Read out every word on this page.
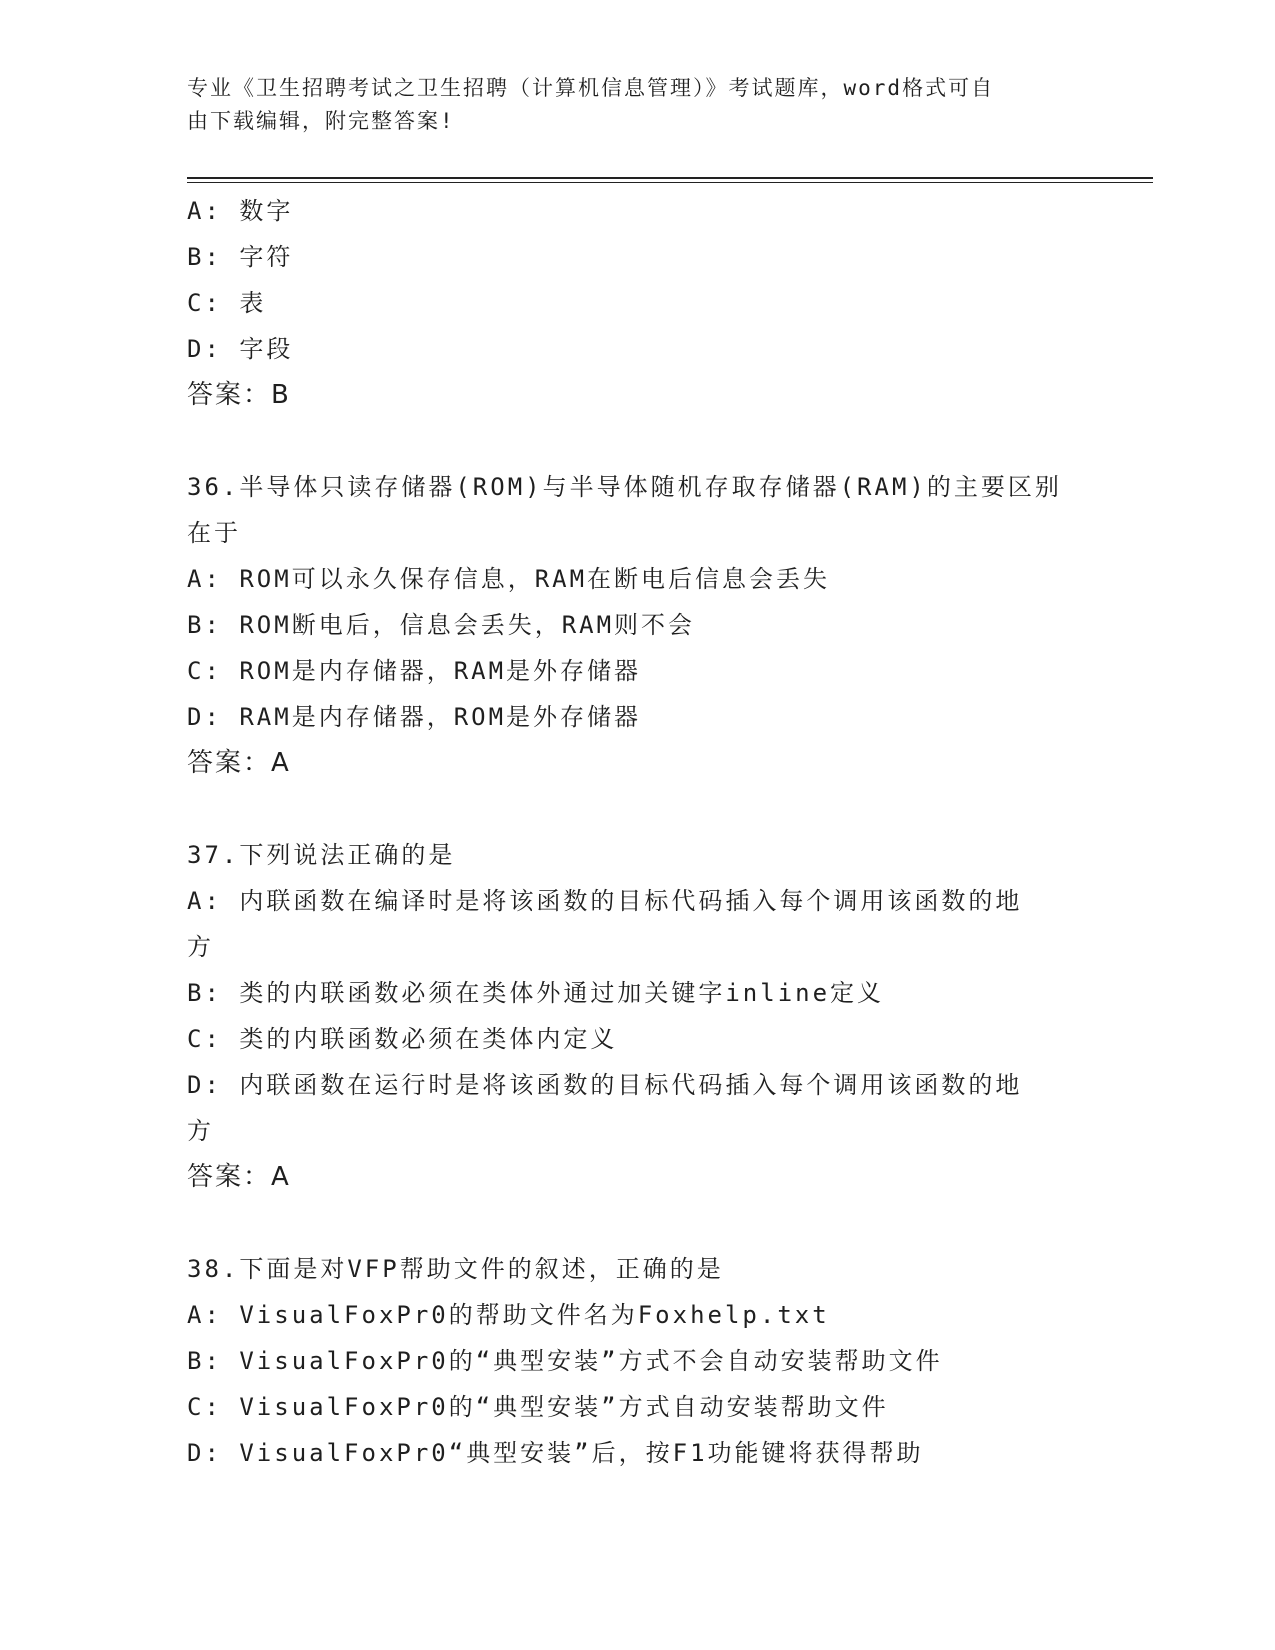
专业《卫生招聘考试之卫生招聘（计算机信息管理）》考试题库，word格式可自
由下载编辑，附完整答案!
A: 数字
B: 字符
C: 表
D: 字段
答案：B
36.半导体只读存储器(ROM)与半导体随机存取存储器(RAM)的主要区别
在于
A: ROM可以永久保存信息，RAM在断电后信息会丢失
B: ROM断电后，信息会丢失，RAM则不会
C: ROM是内存储器，RAM是外存储器
D: RAM是内存储器，ROM是外存储器
答案：A
37.下列说法正确的是
A: 内联函数在编译时是将该函数的目标代码插入每个调用该函数的地
方
B: 类的内联函数必须在类体外通过加关键字inline定义
C: 类的内联函数必须在类体内定义
D: 内联函数在运行时是将该函数的目标代码插入每个调用该函数的地
方
答案：A
38.下面是对VFP帮助文件的叙述，正确的是
A: VisualFoxPr0的帮助文件名为Foxhelp.txt
B: VisualFoxPr0的“典型安装”方式不会自动安装帮助文件
C: VisualFoxPr0的“典型安装”方式自动安装帮助文件
D: VisualFoxPr0“典型安装”后，按F1功能键将获得帮助
